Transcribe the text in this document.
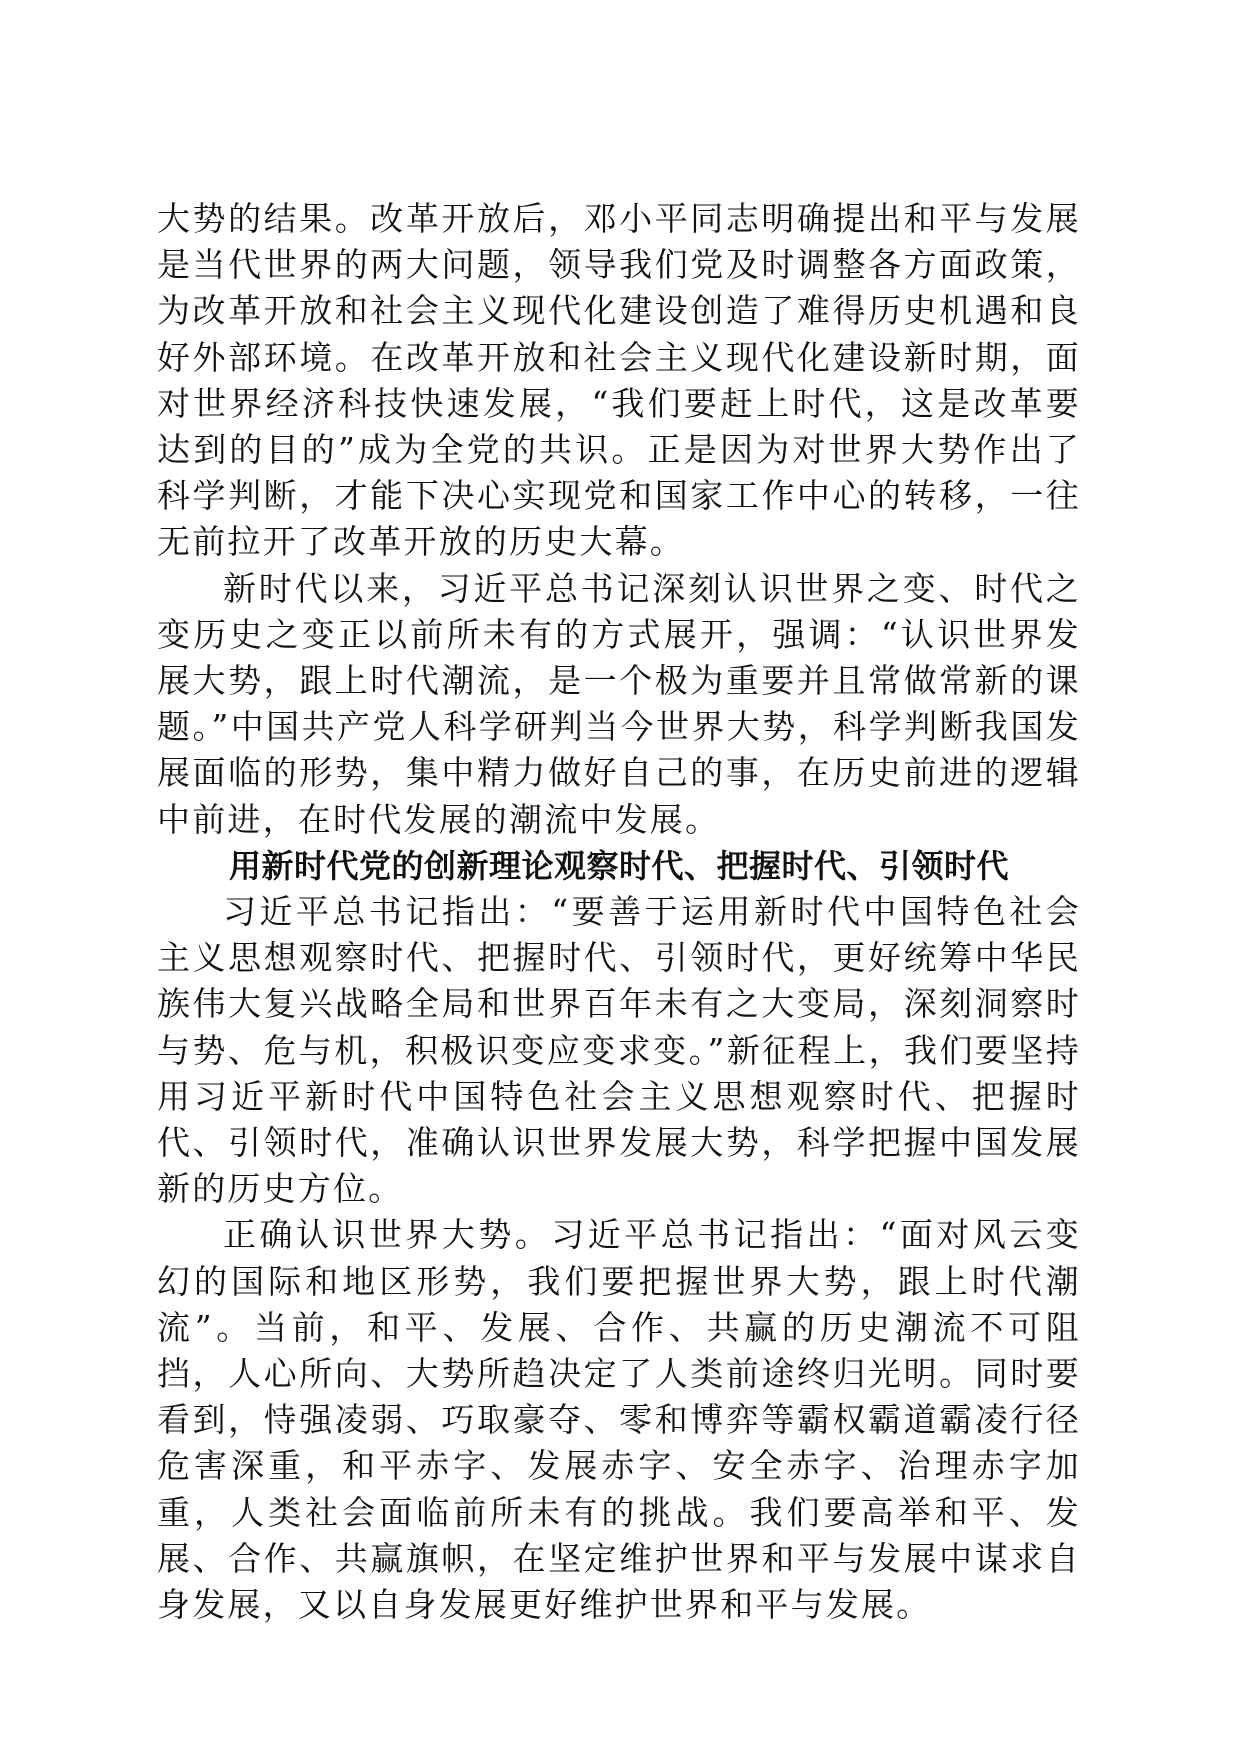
大势的结果。改革开放后，邓小平同志明确提出和平与发展是当代世界的两大问题，领导我们党及时调整各方面政策，为改革开放和社会主义现代化建设创造了难得历史机遇和良好外部环境。在改革开放和社会主义现代化建设新时期，面对世界经济科技快速发展，“我们要赶上时代，这是改革要达到的目的”成为全党的共识。正是因为对世界大势作出了科学判断，才能下决心实现党和国家工作中心的转移，一往无前拉开了改革开放的历史大幕。

新时代以来，习近平总书记深刻认识世界之变、时代之变历史之变正以前所未有的方式展开，强调：“认识世界发展大势，跟上时代潮流，是一个极为重要并且常做常新的课题。”中国共产党人科学研判当今世界大势，科学判断我国发展面临的形势，集中精力做好自己的事，在历史前进的逻辑中前进，在时代发展的潮流中发展。

用新时代党的创新理论观察时代、把握时代、引领时代

习近平总书记指出：“要善于运用新时代中国特色社会主义思想观察时代、把握时代、引领时代，更好统筹中华民族伟大复兴战略全局和世界百年未有之大变局，深刻洞察时与势、危与机，积极识变应变求变。”新征程上，我们要坚持用习近平新时代中国特色社会主义思想观察时代、把握时代、引领时代，准确认识世界发展大势，科学把握中国发展新的历史方位。

正确认识世界大势。习近平总书记指出：“面对风云变幻的国际和地区形势，我们要把握世界大势，跟上时代潮流”。当前，和平、发展、合作、共赢的历史潮流不可阻挡，人心所向、大势所趋决定了人类前途终归光明。同时要看到，恃强凌弱、巧取豪夺、零和博弈等霸权霸道霸凌行径危害深重，和平赤字、发展赤字、安全赤字、治理赤字加重，人类社会面临前所未有的挑战。我们要高举和平、发展、合作、共赢旗帜，在坚定维护世界和平与发展中谋求自身发展，又以自身发展更好维护世界和平与发展。
